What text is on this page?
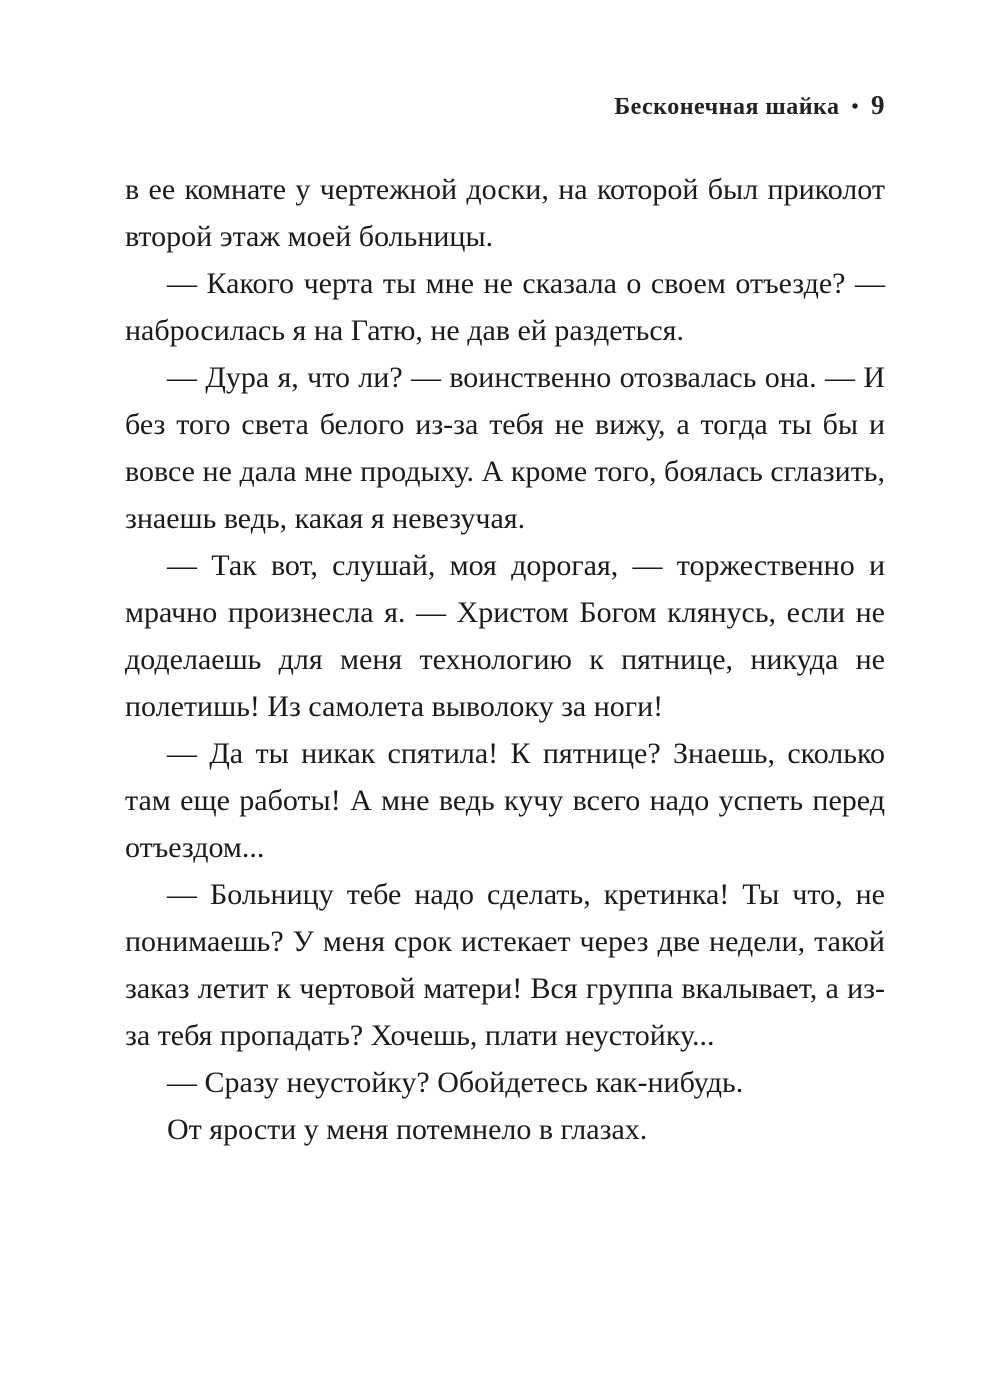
Бесконечная шайка • 9

в ее комнате у чертежной доски, на которой был приколот второй этаж моей больницы.

— Какого черта ты мне не сказала о своем отъезде? — набросилась я на Гатю, не дав ей раздеться.

— Дура я, что ли? — воинственно отозвалась она. — И без того света белого из-за тебя не вижу, а тогда ты бы и вовсе не дала мне продыху. А кроме того, боялась сглазить, знаешь ведь, какая я невезучая.

— Так вот, слушай, моя дорогая, — торжественно и мрачно произнесла я. — Христом Богом клянусь, если не доделаешь для меня технологию к пятнице, никуда не полетишь! Из самолета выволоку за ноги!

— Да ты никак спятила! К пятнице? Знаешь, сколько там еще работы! А мне ведь кучу всего надо успеть перед отъездом...

— Больницу тебе надо сделать, кретинка! Ты что, не понимаешь? У меня срок истекает через две недели, такой заказ летит к чертовой матери! Вся группа вкалывает, а из-за тебя пропадать? Хочешь, плати неустойку...

— Сразу неустойку? Обойдетесь как-нибудь.

От ярости у меня потемнело в глазах.
